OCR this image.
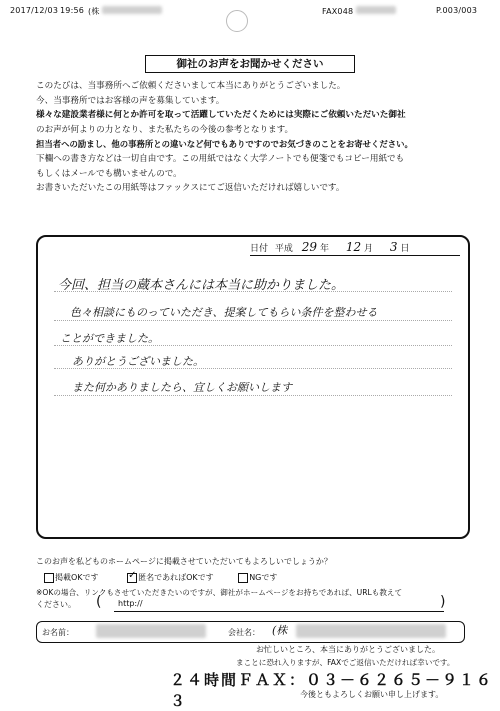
2017/12/03 19:56 (株	FAX048	P.003/003
御社のお声をお聞かせください

このたびは、当事務所へご依頼くださいまして本当にありがとうございました。

今、当事務所ではお客様の声を募集しています。

様々な建設業者様に何とか許可を取って活躍していただくためには実際にご依頼いただいた御社

のお声が何よりの力となり、また私たちの今後の参考となります。

担当者への励まし、他の事務所との違いなど何でもありですのでお気づきのことをお寄せください。

下欄への書き方などは一切自由です。この用紙ではなく大学ノートでも便箋でもコピー用紙でも

もしくはメールでも構いませんので。

お書きいただいたこの用紙等はファックスにてご返信いただければ嬉しいです。

日付 平成 29 年 12 月 3 日
今回、担当の蔵本さんには本当に助かりました。
色々相談にものっていただき、提案してもらい条件を整わせる
ことができました。
ありがとうございました。
また何かありましたら、宜しくお願いします
このお声を私どものホームページに掲載させていただいてもよろしいでしょうか？
掲載OKです	✓ 匿名であればOKです	NGです
※OKの場合、リンクもさせていただきたいのですが、御社がホームページをお持ちであれば、URLも教えて
ください。 ( http://	)
お名前：	会社名： (株
お忙しいところ、本当にありがとうございました。
まことに恐れ入りますが、FAXでご返信いただければ幸いです。
２４時間ＦＡＸ：０３－６２６５－９１６３	今後ともよろしくお願い申し上げます。
